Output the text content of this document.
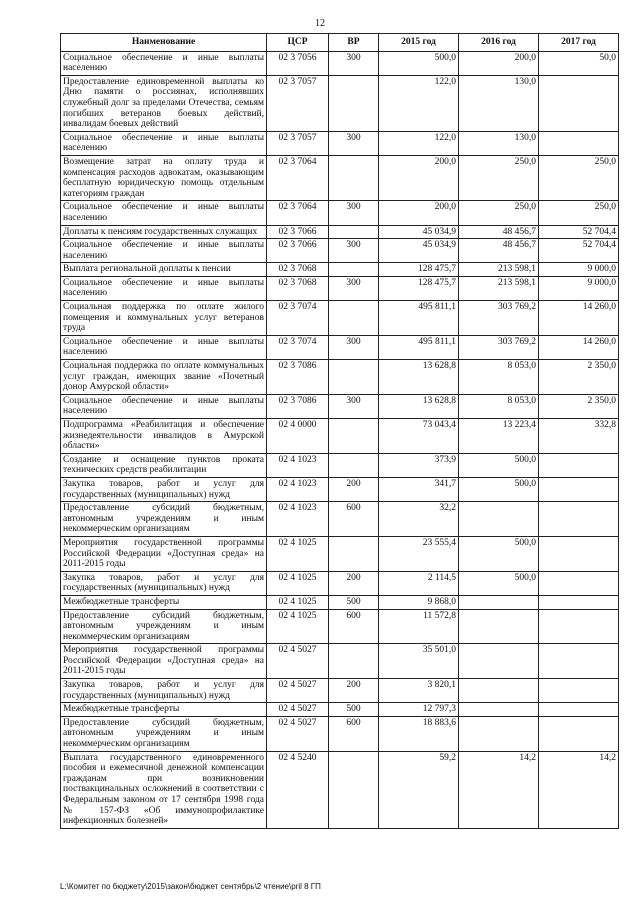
12
Наименование	ЦСР	ВР	2015 год	2016 год	2017 год
Социальное обеспечение и иные выплаты населению	02 3 7056	300	500,0	200,0	50,0
Предоставление единовременной выплаты ко Дню памяти о россиянах, исполнявших служебный долг за пределами Отечества, семьям погибших ветеранов боевых действий, инвалидам боевых действий	02 3 7057		122,0	130,0	
Социальное обеспечение и иные выплаты населению	02 3 7057	300	122,0	130,0	
Возмещение затрат на оплату труда и компенсация расходов адвокатам, оказывающим бесплатную юридическую помощь отдельным категориям граждан	02 3 7064		200,0	250,0	250,0
Социальное обеспечение и иные выплаты населению	02 3 7064	300	200,0	250,0	250,0
Доплаты к пенсиям государственных служащих	02 3 7066		45 034,9	48 456,7	52 704,4
Социальное обеспечение и иные выплаты населению	02 3 7066	300	45 034,9	48 456,7	52 704,4
Выплата региональной доплаты к пенсии	02 3 7068		128 475,7	213 598,1	9 000,0
Социальное обеспечение и иные выплаты населению	02 3 7068	300	128 475,7	213 598,1	9 000,0
Социальная поддержка по оплате жилого помещения и коммунальных услуг ветеранов труда	02 3 7074		495 811,1	303 769,2	14 260,0
Социальное обеспечение и иные выплаты населению	02 3 7074	300	495 811,1	303 769,2	14 260,0
Социальная поддержка по оплате коммунальных услуг граждан, имеющих звание «Почетный донор Амурской области»	02 3 7086		13 628,8	8 053,0	2 350,0
Социальное обеспечение и иные выплаты населению	02 3 7086	300	13 628,8	8 053,0	2 350,0
Подпрограмма «Реабилитация и обеспечение жизнедеятельности инвалидов в Амурской области»	02 4 0000		73 043,4	13 223,4	332,8
Создание и оснащение пунктов проката технических средств реабилитации	02 4 1023		373,9	500,0	
Закупка товаров, работ и услуг для государственных (муниципальных) нужд	02 4 1023	200	341,7	500,0	
Предоставление субсидий бюджетным, автономным учреждениям и иным некоммерческим организациям	02 4 1023	600	32,2		
Мероприятия государственной программы Российской Федерации «Доступная среда» на 2011-2015 годы	02 4 1025		23 555,4	500,0	
Закупка товаров, работ и услуг для государственных (муниципальных) нужд	02 4 1025	200	2 114,5	500,0	
Межбюджетные трансферты	02 4 1025	500	9 868,0		
Предоставление субсидий бюджетным, автономным учреждениям и иным некоммерческим организациям	02 4 1025	600	11 572,8		
Мероприятия государственной программы Российской Федерации «Доступная среда» на 2011-2015 годы	02 4 5027		35 501,0		
Закупка товаров, работ и услуг для государственных (муниципальных) нужд	02 4 5027	200	3 820,1		
Межбюджетные трансферты	02 4 5027	500	12 797,3		
Предоставление субсидий бюджетным, автономным учреждениям и иным некоммерческим организациям	02 4 5027	600	18 883,6		
Выплата государственного единовременного пособия и ежемесячной денежной компенсации гражданам при возникновении поствакцинальных осложнений в соответствии с Федеральным законом от 17 сентября 1998 года № 157-ФЗ «Об иммунопрофилактике инфекционных болезней»	02 4 5240		59,2	14,2	14,2
L:\Комитет по бюджету\2015\закон\бюджет сентябрь\2 чтение\pril 8 ГП
